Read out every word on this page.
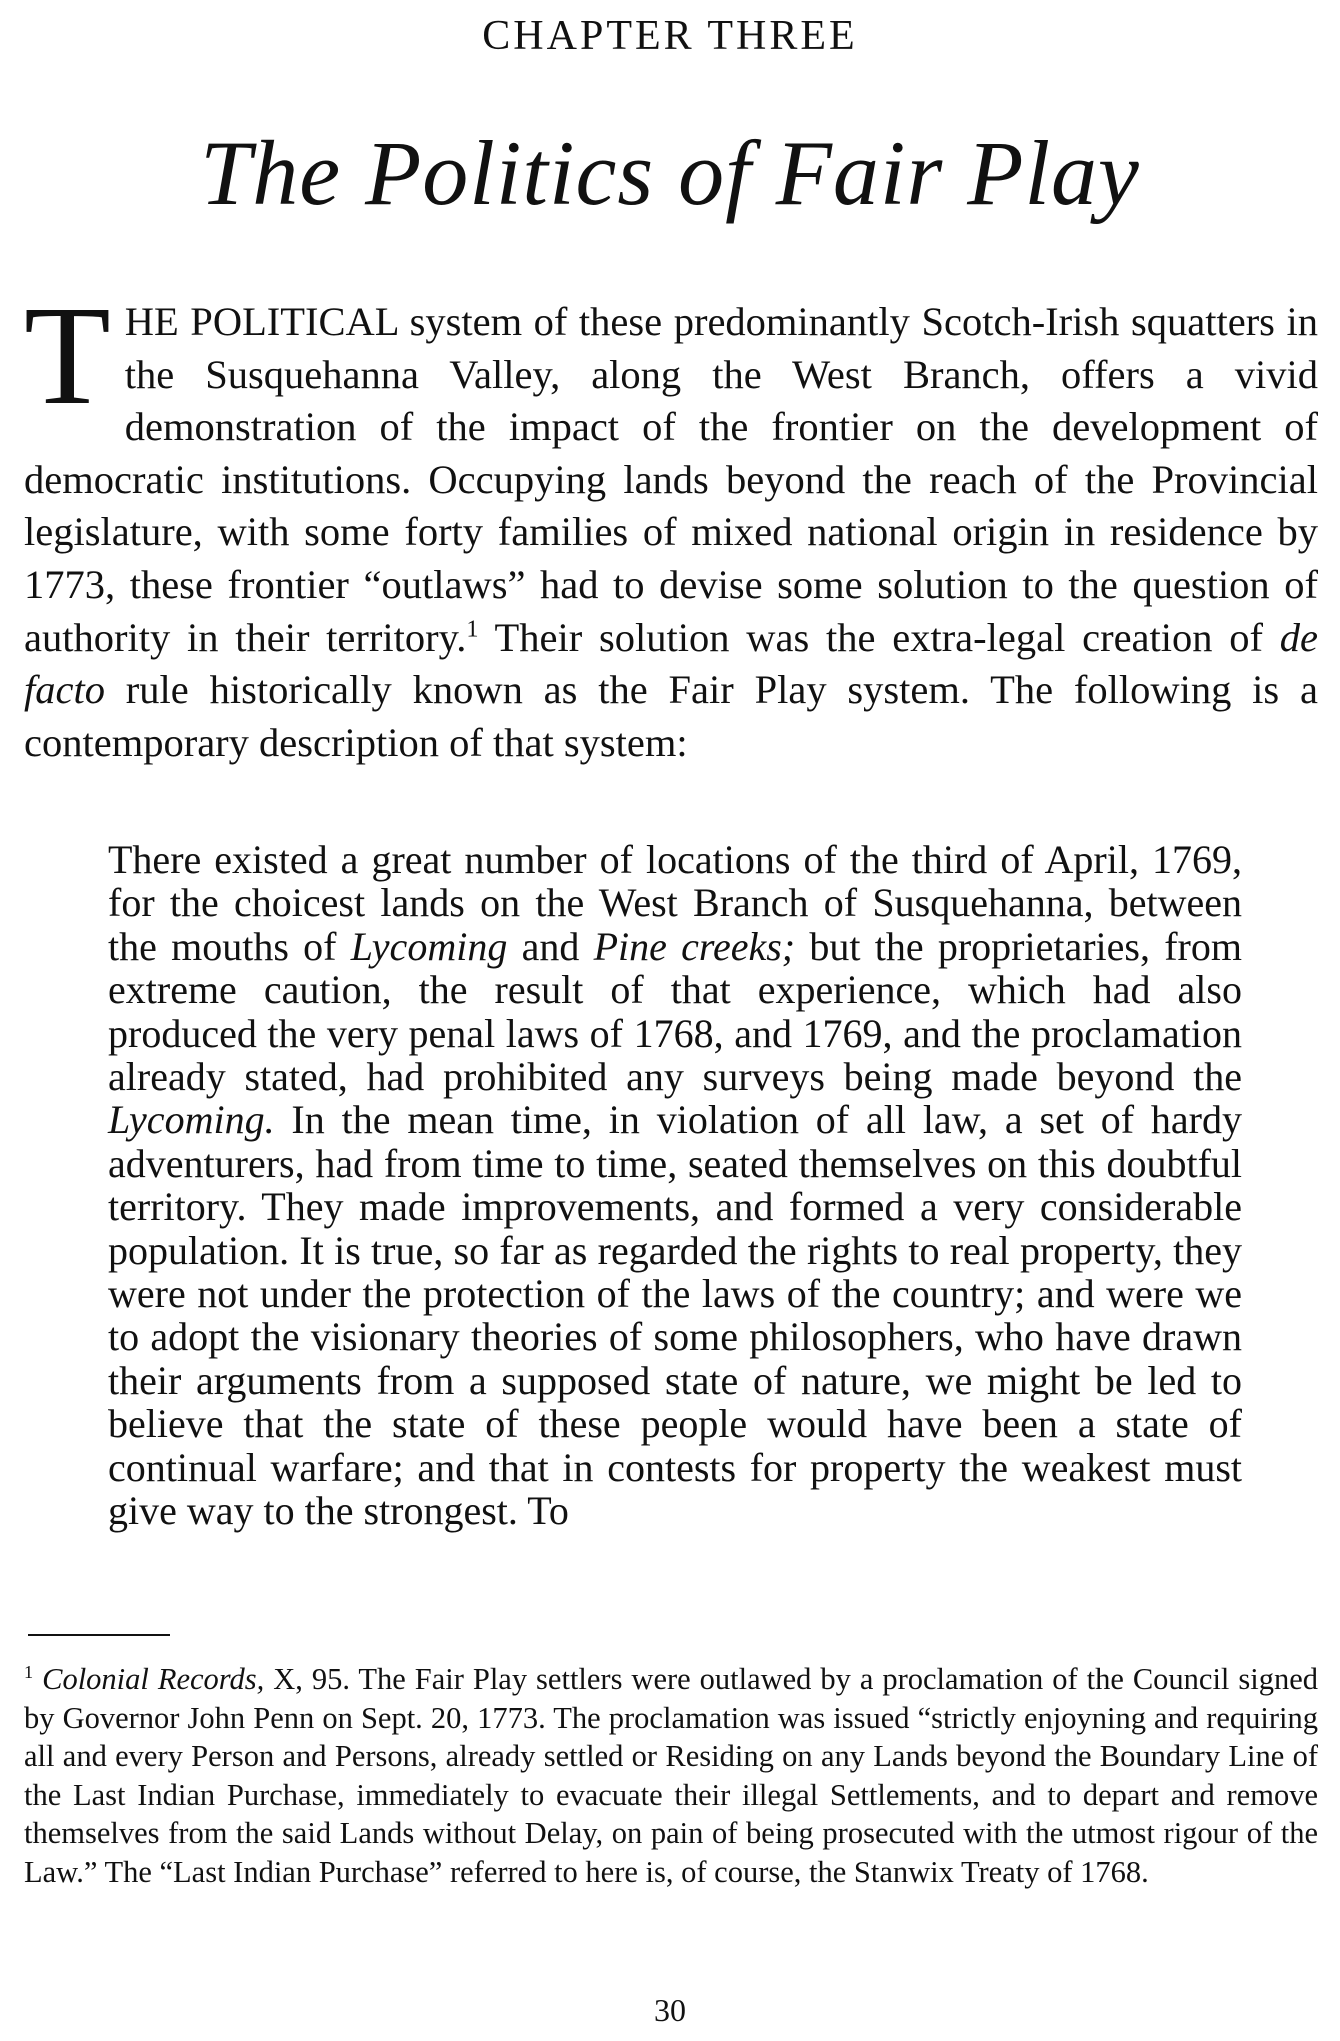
CHAPTER THREE
The Politics of Fair Play

THE POLITICAL system of these predominantly Scotch-Irish squatters in the Susquehanna Valley, along the West Branch, offers a vivid demonstration of the impact of the frontier on the development of democratic institutions. Occupying lands beyond the reach of the Provincial legislature, with some forty families of mixed national origin in residence by 1773, these frontier “outlaws” had to devise some solution to the question of authority in their territory.$^1$ Their solution was the extra-legal creation of de facto rule historically known as the Fair Play system. The following is a contemporary description of that system:

There existed a great number of locations of the third of April, 1769, for the choicest lands on the West Branch of Susquehanna, between the mouths of Lycoming and Pine creeks; but the proprietaries, from extreme caution, the result of that experience, which had also produced the very penal laws of 1768, and 1769, and the proclamation already stated, had prohibited any surveys being made beyond the Lycoming. In the mean time, in violation of all law, a set of hardy adventurers, had from time to time, seated themselves on this doubtful territory. They made improvements, and formed a very considerable population. It is true, so far as regarded the rights to real property, they were not under the protection of the laws of the country; and were we to adopt the visionary theories of some philosophers, who have drawn their arguments from a supposed state of nature, we might be led to believe that the state of these people would have been a state of continual warfare; and that in contests for property the weakest must give way to the strongest. To

$^1$ Colonial Records, X, 95. The Fair Play settlers were outlawed by a proclamation of the Council signed by Governor John Penn on Sept. 20, 1773. The proclamation was issued “strictly enjoyning and requiring all and every Person and Persons, already settled or Residing on any Lands beyond the Boundary Line of the Last Indian Purchase, immediately to evacuate their illegal Settlements, and to depart and remove themselves from the said Lands without Delay, on pain of being prosecuted with the utmost rigour of the Law.” The “Last Indian Purchase” referred to here is, of course, the Stanwix Treaty of 1768.

30
